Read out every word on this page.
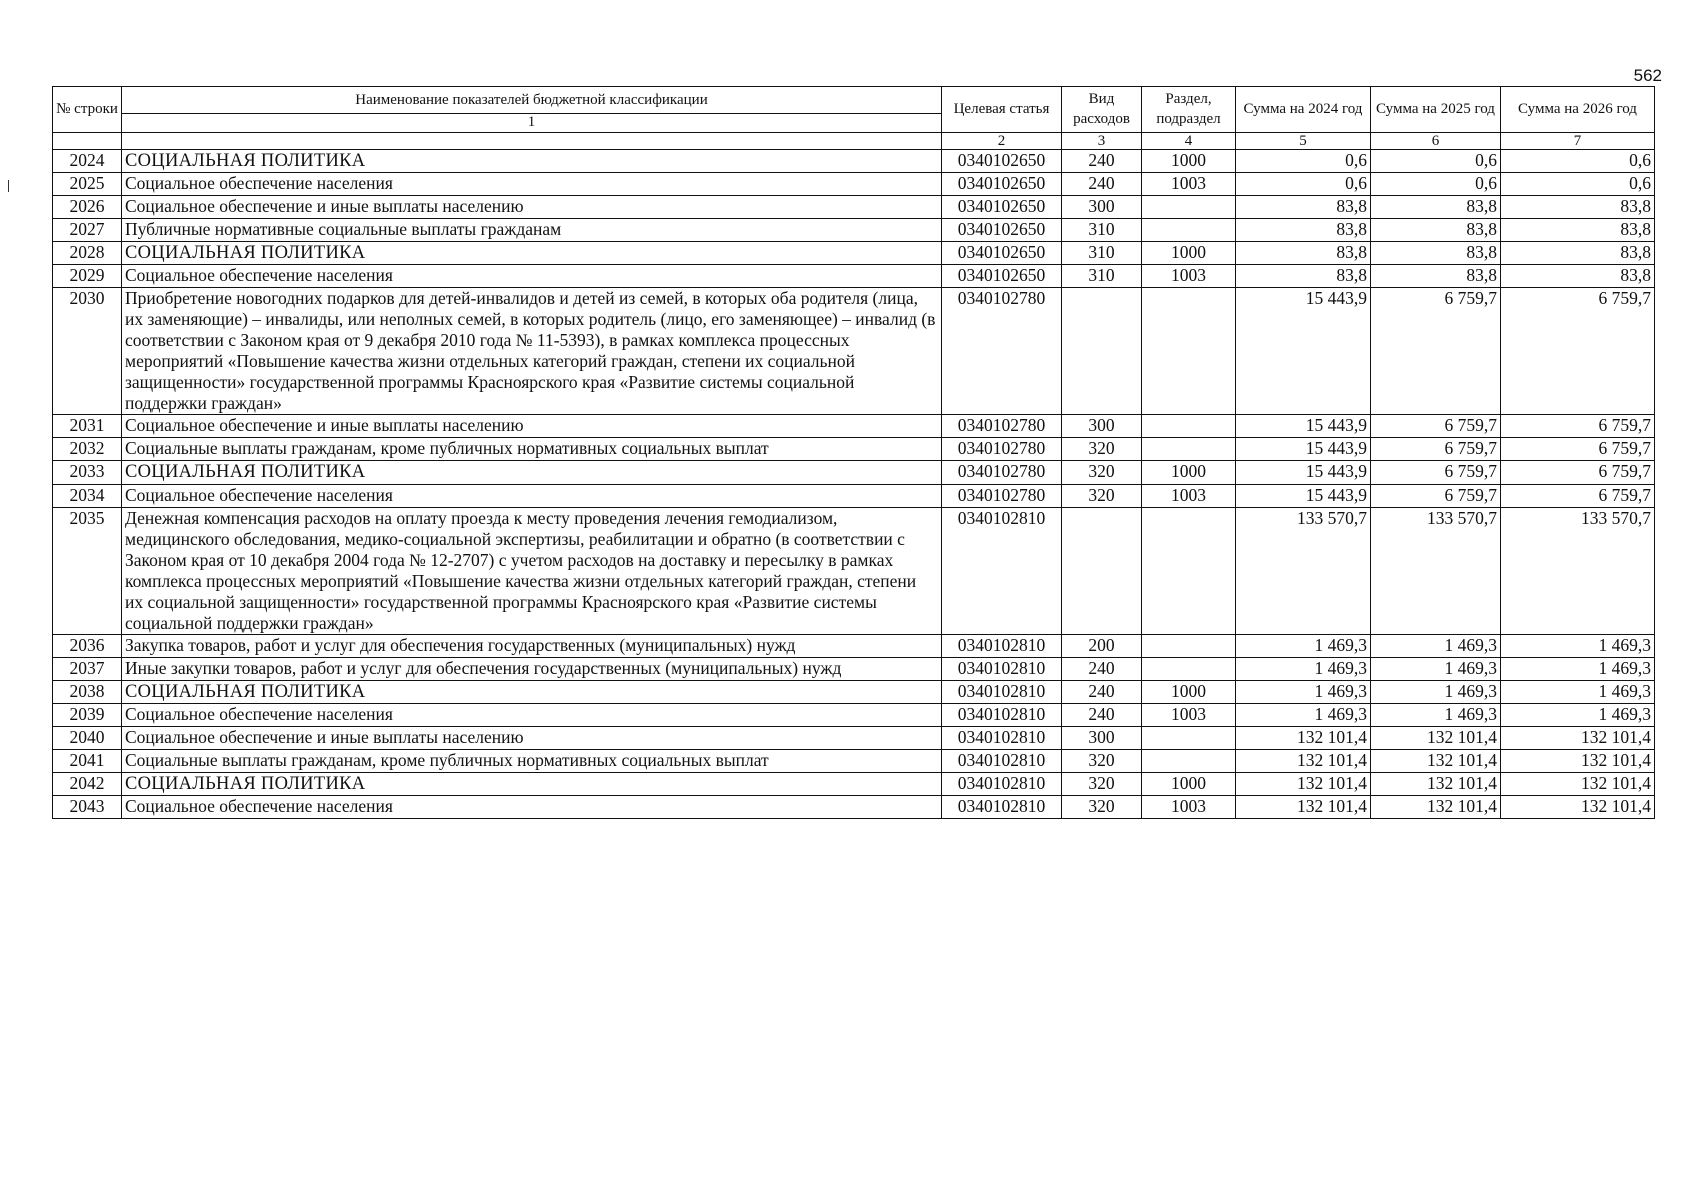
562
№ строки	Наименование показателей бюджетной классификации	Целевая статья	Вид расходов	Раздел, подраздел	Сумма на 2024 год	Сумма на 2025 год	Сумма на 2026 год
	1						
		2	3	4	5	6	7
2024	СОЦИАЛЬНАЯ ПОЛИТИКА	0340102650	240	1000	0,6	0,6	0,6
2025	Социальное обеспечение населения	0340102650	240	1003	0,6	0,6	0,6
2026	Социальное обеспечение и иные выплаты населению	0340102650	300		83,8	83,8	83,8
2027	Публичные нормативные социальные выплаты гражданам	0340102650	310		83,8	83,8	83,8
2028	СОЦИАЛЬНАЯ ПОЛИТИКА	0340102650	310	1000	83,8	83,8	83,8
2029	Социальное обеспечение населения	0340102650	310	1003	83,8	83,8	83,8
2030	Приобретение новогодних подарков для детей-инвалидов и детей из семей, в которых оба родителя (лица, их заменяющие) – инвалиды, или неполных семей, в которых родитель (лицо, его заменяющее) – инвалид (в соответствии с Законом края от 9 декабря 2010 года № 11-5393), в рамках комплекса процессных мероприятий «Повышение качества жизни отдельных категорий граждан, степени их социальной защищенности» государственной программы Красноярского края «Развитие системы социальной поддержки граждан»	0340102780			15 443,9	6 759,7	6 759,7
2031	Социальное обеспечение и иные выплаты населению	0340102780	300		15 443,9	6 759,7	6 759,7
2032	Социальные выплаты гражданам, кроме публичных нормативных социальных выплат	0340102780	320		15 443,9	6 759,7	6 759,7
2033	СОЦИАЛЬНАЯ ПОЛИТИКА	0340102780	320	1000	15 443,9	6 759,7	6 759,7
2034	Социальное обеспечение населения	0340102780	320	1003	15 443,9	6 759,7	6 759,7
2035	Денежная компенсация расходов на оплату проезда к месту проведения лечения гемодиализом, медицинского обследования, медико-социальной экспертизы, реабилитации и обратно (в соответствии с Законом края от 10 декабря 2004 года № 12-2707) с учетом расходов на доставку и пересылку в рамках комплекса процессных мероприятий «Повышение качества жизни отдельных категорий граждан, степени их социальной защищенности» государственной программы Красноярского края «Развитие системы социальной поддержки граждан»	0340102810			133 570,7	133 570,7	133 570,7
2036	Закупка товаров, работ и услуг для обеспечения государственных (муниципальных) нужд	0340102810	200		1 469,3	1 469,3	1 469,3
2037	Иные закупки товаров, работ и услуг для обеспечения государственных (муниципальных) нужд	0340102810	240		1 469,3	1 469,3	1 469,3
2038	СОЦИАЛЬНАЯ ПОЛИТИКА	0340102810	240	1000	1 469,3	1 469,3	1 469,3
2039	Социальное обеспечение населения	0340102810	240	1003	1 469,3	1 469,3	1 469,3
2040	Социальное обеспечение и иные выплаты населению	0340102810	300		132 101,4	132 101,4	132 101,4
2041	Социальные выплаты гражданам, кроме публичных нормативных социальных выплат	0340102810	320		132 101,4	132 101,4	132 101,4
2042	СОЦИАЛЬНАЯ ПОЛИТИКА	0340102810	320	1000	132 101,4	132 101,4	132 101,4
2043	Социальное обеспечение населения	0340102810	320	1003	132 101,4	132 101,4	132 101,4
